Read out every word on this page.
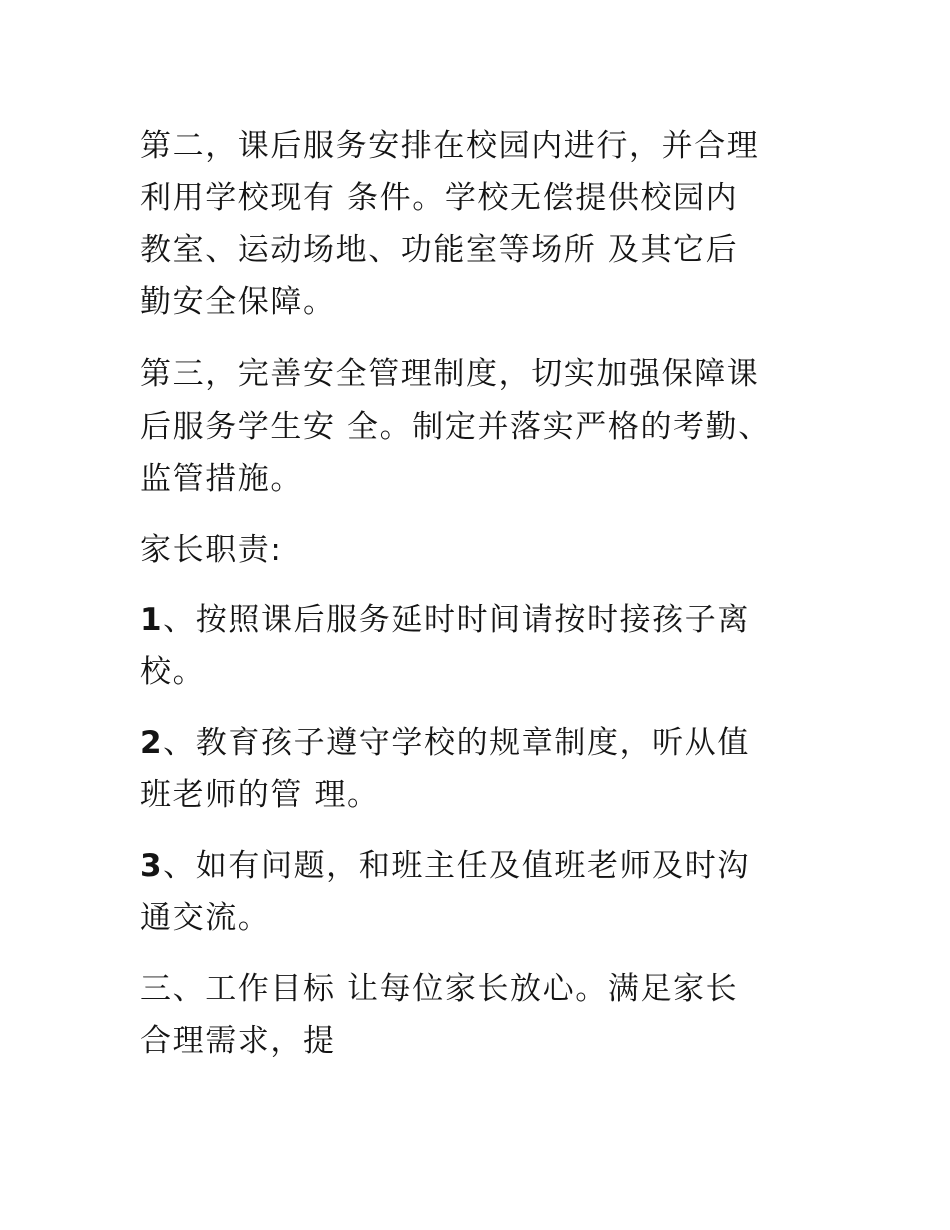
第二，课后服务安排在校园内进行，并合理

利用学校现有 条件。学校无偿提供校园内

教室、运动场地、功能室等场所 及其它后

勤安全保障。

第三，完善安全管理制度，切实加强保障课

后服务学生安 全。制定并落实严格的考勤、

监管措施。

家长职责:

1、按照课后服务延时时间请按时接孩子离

校。

2、教育孩子遵守学校的规章制度，听从值

班老师的管 理。

3、如有问题，和班主任及值班老师及时沟

通交流。

三、工作目标 让每位家长放心。满足家长

合理需求，提
